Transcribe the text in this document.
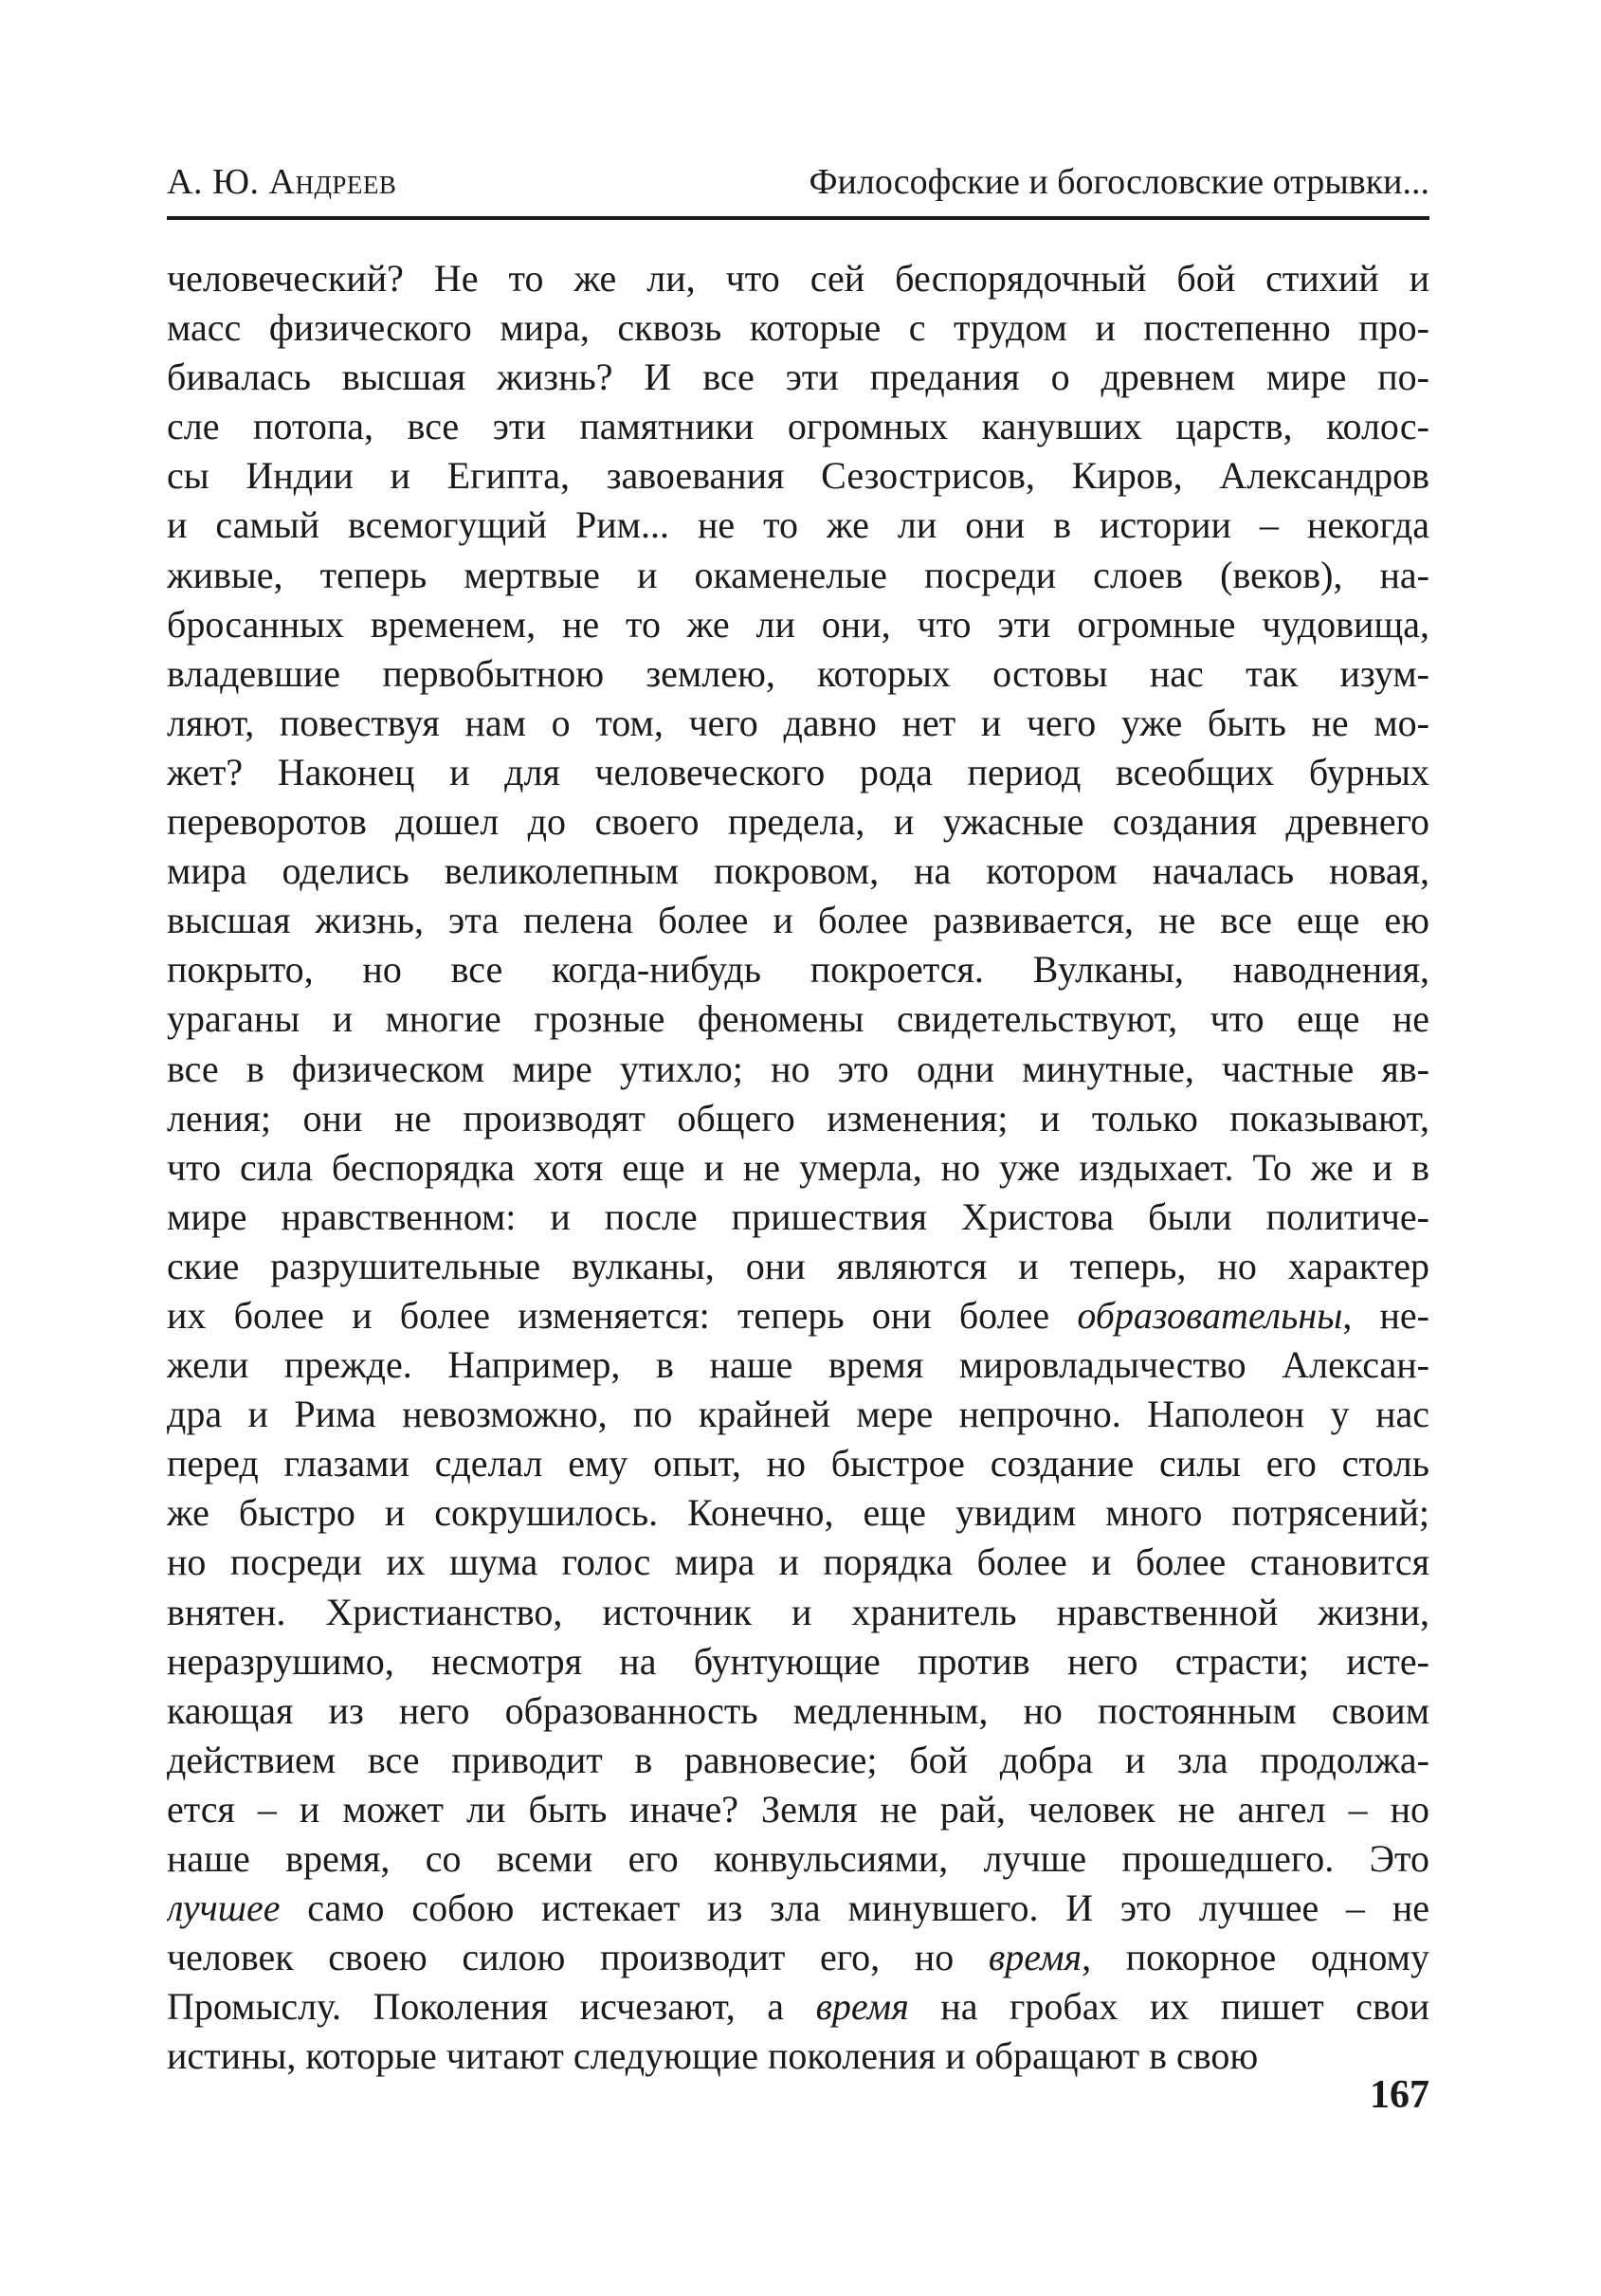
А. Ю. Андреев	Философские и богословские отрывки...
человеческий? Не то же ли, что сей беспорядочный бой стихий и
масс физического мира, сквозь которые с трудом и постепенно про-
бивалась высшая жизнь? И все эти предания о древнем мире по-
сле потопа, все эти памятники огромных канувших царств, колос-
сы Индии и Египта, завоевания Сезострисов, Киров, Александров
и самый всемогущий Рим... не то же ли они в истории – некогда
живые, теперь мертвые и окаменелые посреди слоев (веков), на-
бросанных временем, не то же ли они, что эти огромные чудовища,
владевшие первобытною землею, которых остовы нас так изум-
ляют, повествуя нам о том, чего давно нет и чего уже быть не мо-
жет? Наконец и для человеческого рода период всеобщих бурных
переворотов дошел до своего предела, и ужасные создания древнего
мира оделись великолепным покровом, на котором началась новая,
высшая жизнь, эта пелена более и более развивается, не все еще ею
покрыто, но все когда-нибудь покроется. Вулканы, наводнения,
ураганы и многие грозные феномены свидетельствуют, что еще не
все в физическом мире утихло; но это одни минутные, частные яв-
ления; они не производят общего изменения; и только показывают,
что сила беспорядка хотя еще и не умерла, но уже издыхает. То же и в
мире нравственном: и после пришествия Христова были политиче-
ские разрушительные вулканы, они являются и теперь, но характер
их более и более изменяется: теперь они более образовательны, не-
жели прежде. Например, в наше время мировладычество Алексан-
дра и Рима невозможно, по крайней мере непрочно. Наполеон у нас
перед глазами сделал ему опыт, но быстрое создание силы его столь
же быстро и сокрушилось. Конечно, еще увидим много потрясений;
но посреди их шума голос мира и порядка более и более становится
внятен. Христианство, источник и хранитель нравственной жизни,
неразрушимо, несмотря на бунтующие против него страсти; исте-
кающая из него образованность медленным, но постоянным своим
действием все приводит в равновесие; бой добра и зла продолжа-
ется – и может ли быть иначе? Земля не рай, человек не ангел – но
наше время, со всеми его конвульсиями, лучше прошедшего. Это
лучшее само собою истекает из зла минувшего. И это лучшее – не
человек своею силою производит его, но время, покорное одному
Промыслу. Поколения исчезают, а время на гробах их пишет свои
истины, которые читают следующие поколения и обращают в свою
167
